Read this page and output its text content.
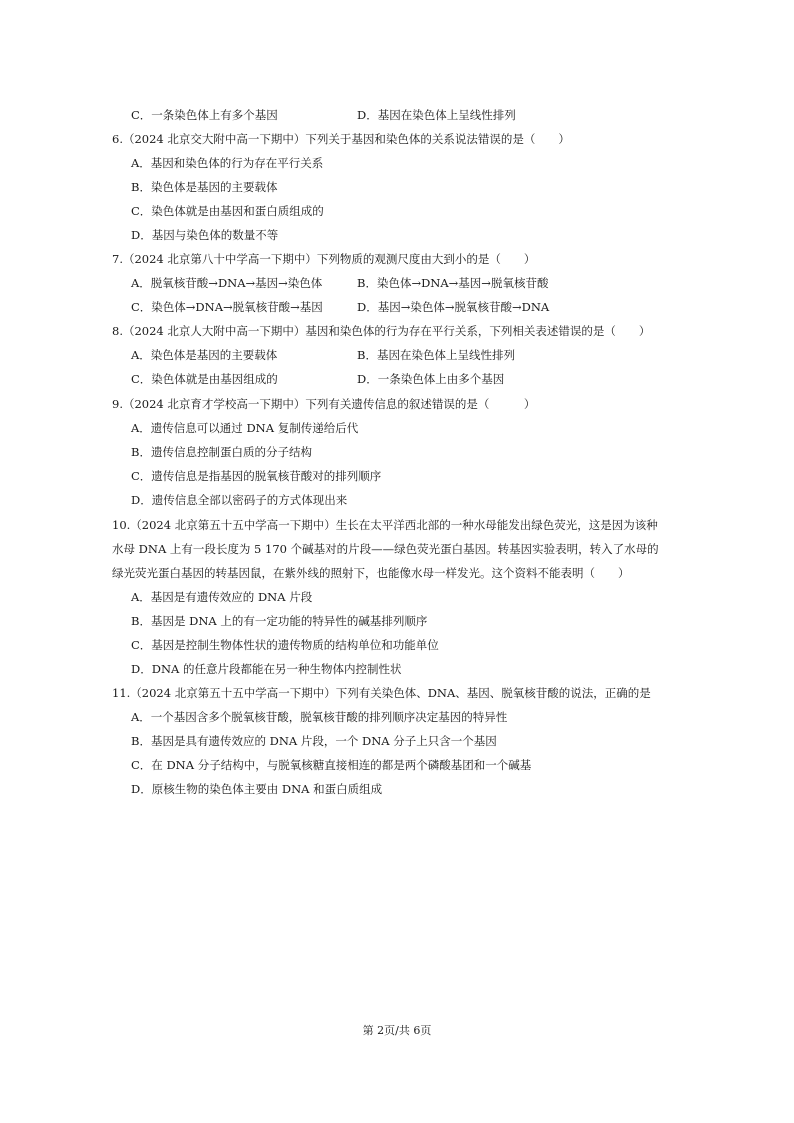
C．一条染色体上有多个基因	D．基因在染色体上呈线性排列
6.（2024 北京交大附中高一下期中）下列关于基因和染色体的关系说法错误的是（　　）
A．基因和染色体的行为存在平行关系
B．染色体是基因的主要载体
C．染色体就是由基因和蛋白质组成的
D．基因与染色体的数量不等
7.（2024 北京第八十中学高一下期中）下列物质的观测尺度由大到小的是（　　）
A．脱氧核苷酸→DNA→基因→染色体	B．染色体→DNA→基因→脱氧核苷酸
C．染色体→DNA→脱氧核苷酸→基因	D．基因→染色体→脱氧核苷酸→DNA
8.（2024 北京人大附中高一下期中）基因和染色体的行为存在平行关系，下列相关表述错误的是（　　）
A．染色体是基因的主要载体	B．基因在染色体上呈线性排列
C．染色体就是由基因组成的	D．一条染色体上由多个基因
9.（2024 北京育才学校高一下期中）下列有关遗传信息的叙述错误的是（　　　）
A．遗传信息可以通过 DNA 复制传递给后代
B．遗传信息控制蛋白质的分子结构
C．遗传信息是指基因的脱氧核苷酸对的排列顺序
D．遗传信息全部以密码子的方式体现出来
10.（2024 北京第五十五中学高一下期中）生长在太平洋西北部的一种水母能发出绿色荧光，这是因为该种
水母 DNA 上有一段长度为 5 170 个碱基对的片段——绿色荧光蛋白基因。转基因实验表明，转入了水母的
绿光荧光蛋白基因的转基因鼠，在紫外线的照射下，也能像水母一样发光。这个资料不能表明（　　）
A．基因是有遗传效应的 DNA 片段
B．基因是 DNA 上的有一定功能的特异性的碱基排列顺序
C．基因是控制生物体性状的遗传物质的结构单位和功能单位
D．DNA 的任意片段都能在另一种生物体内控制性状
11.（2024 北京第五十五中学高一下期中）下列有关染色体、DNA、基因、脱氧核苷酸的说法，正确的是
A．一个基因含多个脱氧核苷酸，脱氧核苷酸的排列顺序决定基因的特异性
B．基因是具有遗传效应的 DNA 片段，一个 DNA 分子上只含一个基因
C．在 DNA 分子结构中，与脱氧核糖直接相连的都是两个磷酸基团和一个碱基
D．原核生物的染色体主要由 DNA 和蛋白质组成
第 2页/共 6页
